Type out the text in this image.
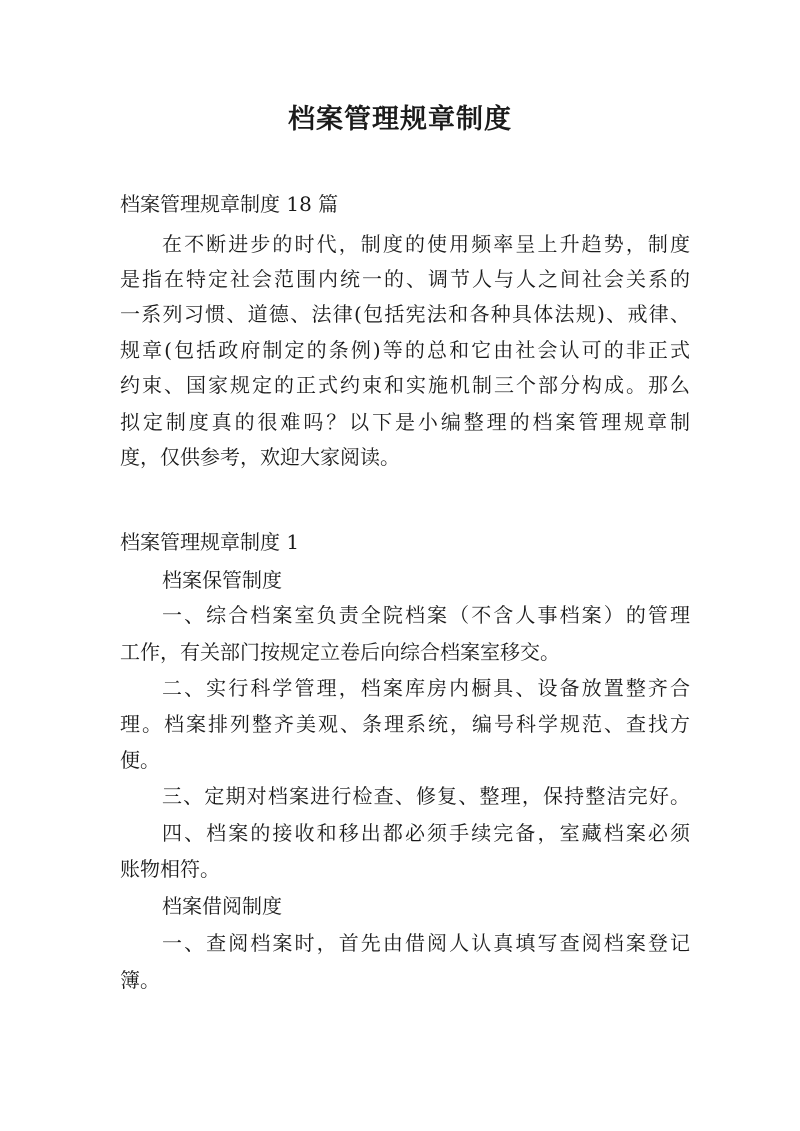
档案管理规章制度
档案管理规章制度 18 篇
在不断进步的时代，制度的使用频率呈上升趋势，制度
是指在特定社会范围内统一的、调节人与人之间社会关系的
一系列习惯、道德、法律(包括宪法和各种具体法规)、戒律、
规章(包括政府制定的条例)等的总和它由社会认可的非正式
约束、国家规定的正式约束和实施机制三个部分构成。那么
拟定制度真的很难吗？以下是小编整理的档案管理规章制
度，仅供参考，欢迎大家阅读。
档案管理规章制度 1
档案保管制度
一、综合档案室负责全院档案（不含人事档案）的管理
工作，有关部门按规定立卷后向综合档案室移交。
二、实行科学管理，档案库房内橱具、设备放置整齐合
理。档案排列整齐美观、条理系统，编号科学规范、查找方
便。
三、定期对档案进行检查、修复、整理，保持整洁完好。
四、档案的接收和移出都必须手续完备，室藏档案必须
账物相符。
档案借阅制度
一、查阅档案时，首先由借阅人认真填写查阅档案登记
簿。
